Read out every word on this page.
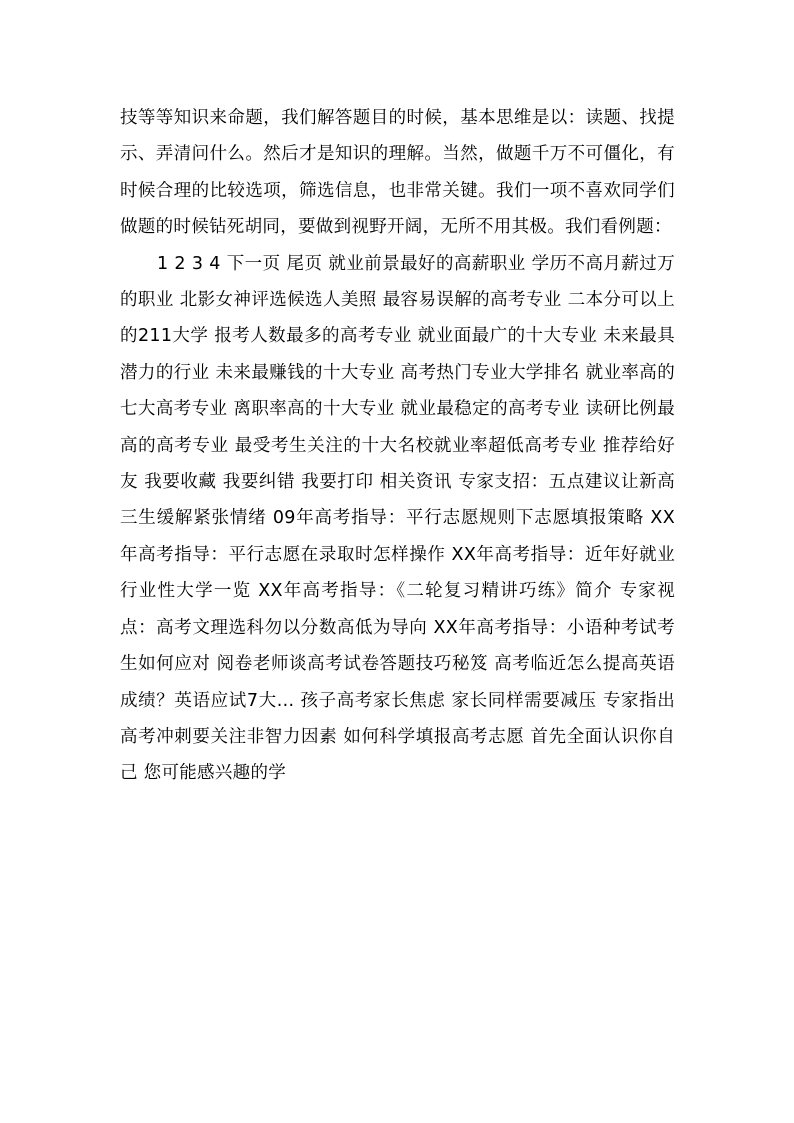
技等等知识来命题，我们解答题目的时候，基本思维是以：读题、找提示、弄清问什么。然后才是知识的理解。当然，做题千万不可僵化，有时候合理的比较选项，筛选信息，也非常关键。我们一项不喜欢同学们做题的时候钻死胡同，要做到视野开阔，无所不用其极。我们看例题：

1 2 3 4 下一页 尾页 就业前景最好的高薪职业 学历不高月薪过万的职业 北影女神评选候选人美照 最容易误解的高考专业 二本分可以上的211大学 报考人数最多的高考专业 就业面最广的十大专业 未来最具潜力的行业 未来最赚钱的十大专业 高考热门专业大学排名 就业率高的七大高考专业 离职率高的十大专业 就业最稳定的高考专业 读研比例最高的高考专业 最受考生关注的十大名校就业率超低高考专业 推荐给好友 我要收藏 我要纠错 我要打印 相关资讯 专家支招：五点建议让新高三生缓解紧张情绪 09年高考指导：平行志愿规则下志愿填报策略 XX年高考指导：平行志愿在录取时怎样操作 XX年高考指导：近年好就业行业性大学一览 XX年高考指导：《二轮复习精讲巧练》简介 专家视点：高考文理选科勿以分数高低为导向 XX年高考指导：小语种考试考生如何应对 阅卷老师谈高考试卷答题技巧秘笈 高考临近怎么提高英语成绩？英语应试7大... 孩子高考家长焦虑 家长同样需要减压 专家指出高考冲刺要关注非智力因素 如何科学填报高考志愿 首先全面认识你自己 您可能感兴趣的学
